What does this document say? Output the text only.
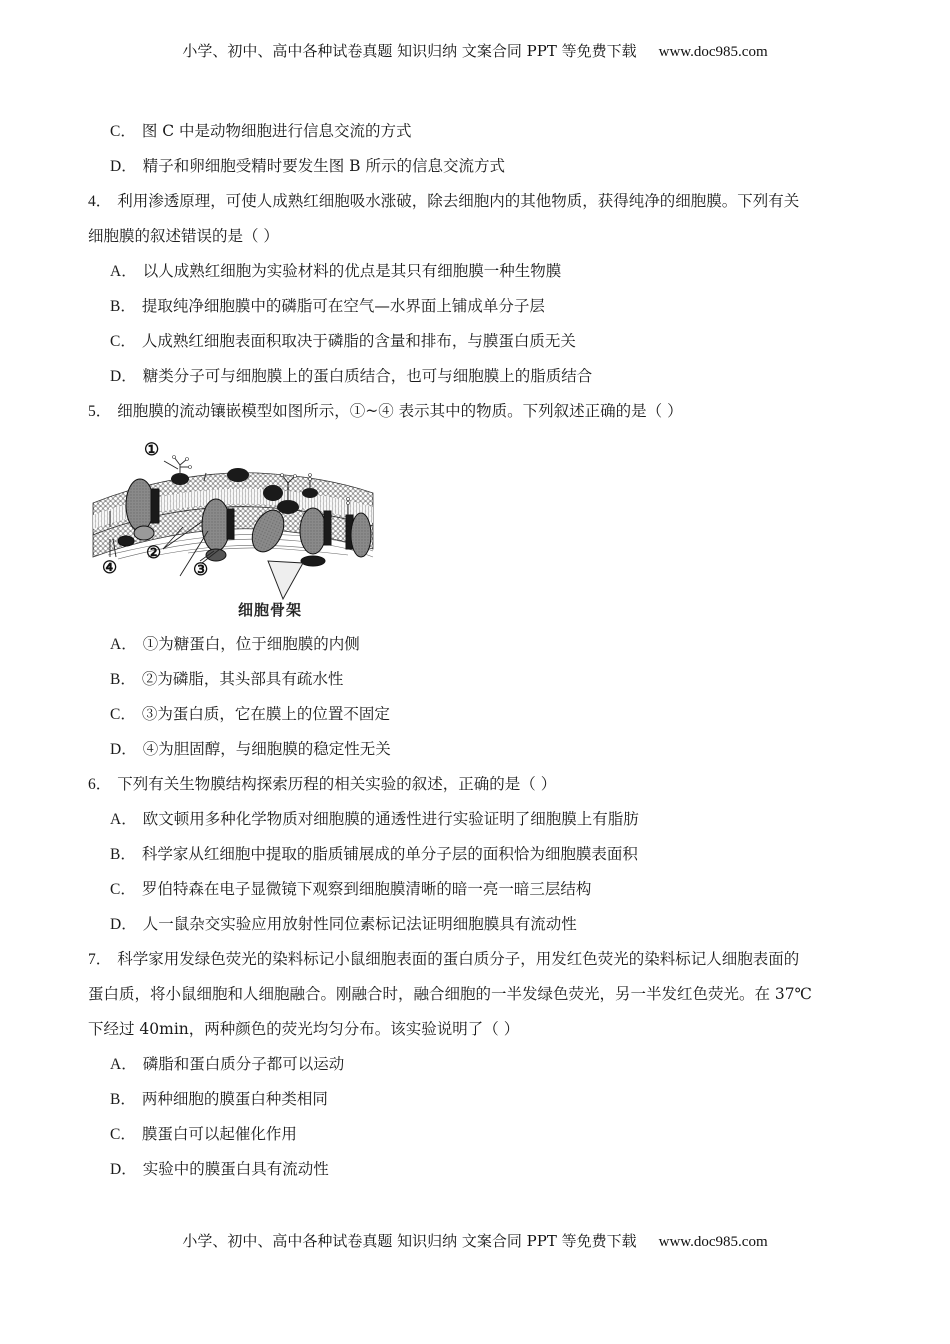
小学、初中、高中各种试卷真题 知识归纳 文案合同 PPT 等免费下载 www.doc985.com
C． 图 C 中是动物细胞进行信息交流的方式
D． 精子和卵细胞受精时要发生图 B 所示的信息交流方式
4． 利用渗透原理，可使人成熟红细胞吸水涨破，除去细胞内的其他物质，获得纯净的细胞膜。下列有关
细胞膜的叙述错误的是（ ）
A． 以人成熟红细胞为实验材料的优点是其只有细胞膜一种生物膜
B． 提取纯净细胞膜中的磷脂可在空气—水界面上铺成单分子层
C． 人成熟红细胞表面积取决于磷脂的含量和排布，与膜蛋白质无关
D． 糖类分子可与细胞膜上的蛋白质结合，也可与细胞膜上的脂质结合
5． 细胞膜的流动镶嵌模型如图所示，①~④ 表示其中的物质。下列叙述正确的是（ ）
①
②
③
④
细胞骨架
A． ①为糖蛋白，位于细胞膜的内侧
B． ②为磷脂，其头部具有疏水性
C． ③为蛋白质，它在膜上的位置不固定
D． ④为胆固醇，与细胞膜的稳定性无关
6． 下列有关生物膜结构探索历程的相关实验的叙述，正确的是（ ）
A． 欧文顿用多种化学物质对细胞膜的通透性进行实验证明了细胞膜上有脂肪
B． 科学家从红细胞中提取的脂质铺展成的单分子层的面积恰为细胞膜表面积
C． 罗伯特森在电子显微镜下观察到细胞膜清晰的暗一亮一暗三层结构
D． 人一鼠杂交实验应用放射性同位素标记法证明细胞膜具有流动性
7． 科学家用发绿色荧光的染料标记小鼠细胞表面的蛋白质分子，用发红色荧光的染料标记人细胞表面的
蛋白质，将小鼠细胞和人细胞融合。刚融合时，融合细胞的一半发绿色荧光，另一半发红色荧光。在 37℃
下经过 40min，两种颜色的荧光均匀分布。该实验说明了（ ）
A． 磷脂和蛋白质分子都可以运动
B． 两种细胞的膜蛋白种类相同
C． 膜蛋白可以起催化作用
D． 实验中的膜蛋白具有流动性
小学、初中、高中各种试卷真题 知识归纳 文案合同 PPT 等免费下载 www.doc985.com
